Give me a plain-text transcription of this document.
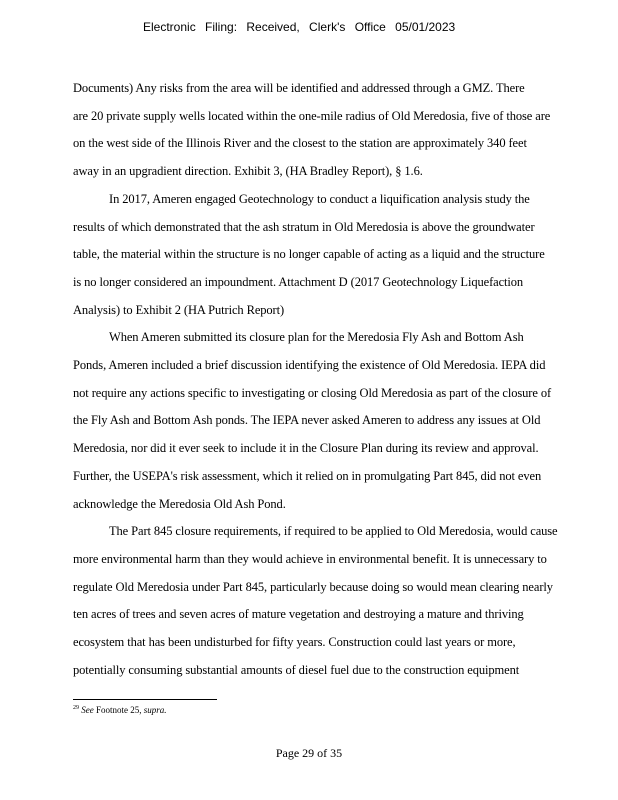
Electronic Filing: Received, Clerk's Office 05/01/2023

Documents) Any risks from the area will be identified and addressed through a GMZ. There
are 20 private supply wells located within the one-mile radius of Old Meredosia, five of those are
on the west side of the Illinois River and the closest to the station are approximately 340 feet
away in an upgradient direction. Exhibit 3, (HA Bradley Report), § 1.6.

In 2017, Ameren engaged Geotechnology to conduct a liquification analysis study the
results of which demonstrated that the ash stratum in Old Meredosia is above the groundwater
table, the material within the structure is no longer capable of acting as a liquid and the structure
is no longer considered an impoundment. Attachment D (2017 Geotechnology Liquefaction
Analysis) to Exhibit 2 (HA Putrich Report)

When Ameren submitted its closure plan for the Meredosia Fly Ash and Bottom Ash
Ponds, Ameren included a brief discussion identifying the existence of Old Meredosia. IEPA did
not require any actions specific to investigating or closing Old Meredosia as part of the closure of
the Fly Ash and Bottom Ash ponds. The IEPA never asked Ameren to address any issues at Old
Meredosia, nor did it ever seek to include it in the Closure Plan during its review and approval.
Further, the USEPA's risk assessment, which it relied on in promulgating Part 845, did not even
acknowledge the Meredosia Old Ash Pond.

The Part 845 closure requirements, if required to be applied to Old Meredosia, would cause
more environmental harm than they would achieve in environmental benefit. It is unnecessary to
regulate Old Meredosia under Part 845, particularly because doing so would mean clearing nearly
ten acres of trees and seven acres of mature vegetation and destroying a mature and thriving
ecosystem that has been undisturbed for fifty years. Construction could last years or more,
potentially consuming substantial amounts of diesel fuel due to the construction equipment

$^{29}$ See Footnote 25, supra.
Page 29 of 35
